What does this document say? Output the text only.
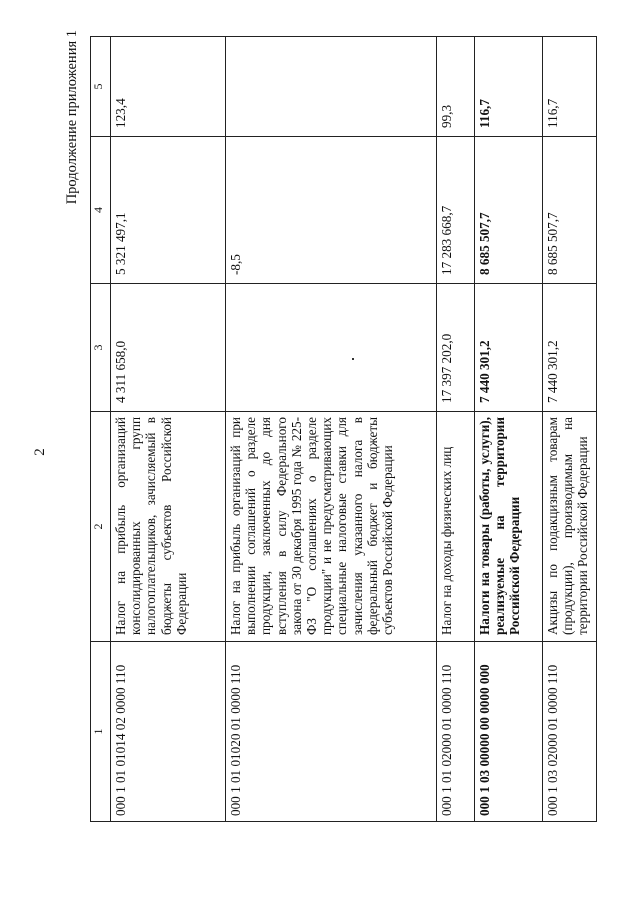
2
Продолжение приложения 1
1	2	3	4	5
000 1 01 01014 02 0000 110	Налог на прибыль организаций консолидированных групп налогоплательщиков, зачисляемый в бюджеты субъектов Российской Федерации	4 311 658,0	5 321 497,1	123,4
000 1 01 01020 01 0000 110	Налог на прибыль организаций при выполнении соглашений о разделе продукции, заключенных до дня вступления в силу Федерального закона от 30 декабря 1995 года № 225-ФЗ "О соглашениях о разделе продукции" и не предусматривающих специальные налоговые ставки для зачисления указанного налога в федеральный бюджет и бюджеты субъектов Российской Федерации		-8,5	
000 1 01 02000 01 0000 110	Налог на доходы физических лиц	17 397 202,0	17 283 668,7	99,3
000 1 03 00000 00 0000 000	Налоги на товары (работы, услуги), реализуемые на территории Российской Федерации	7 440 301,2	8 685 507,7	116,7
000 1 03 02000 01 0000 110	Акцизы по подакцизным товарам (продукции), производимым на территории Российской Федерации	7 440 301,2	8 685 507,7	116,7
